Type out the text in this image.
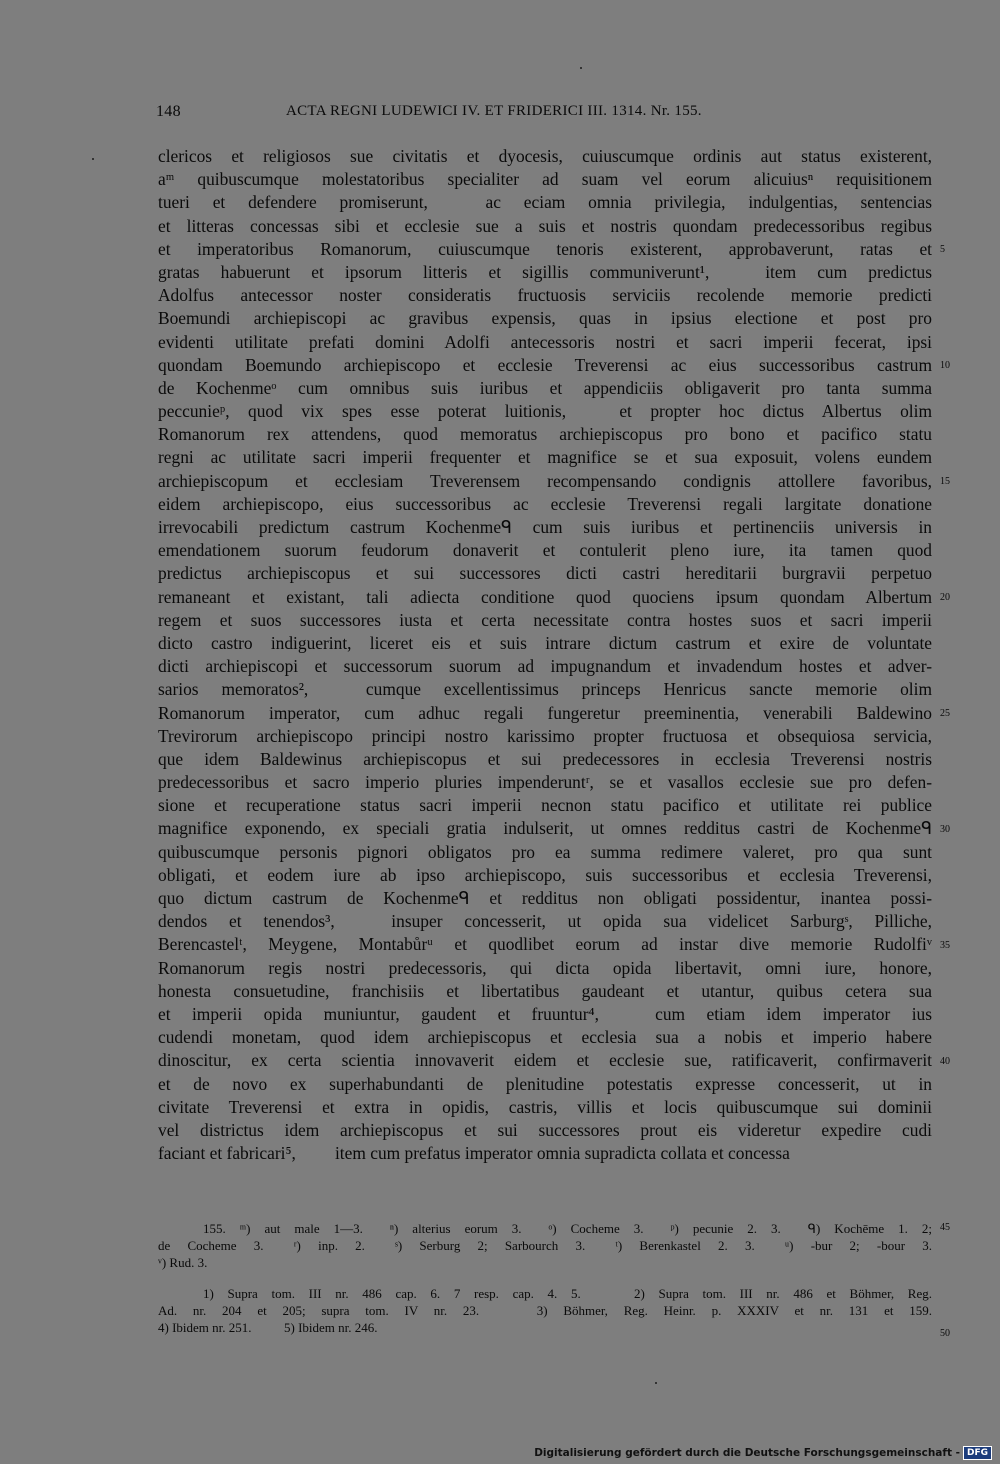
148	ACTA REGNI LUDEWICI IV. ET FRIDERICI III. 1314. Nr. 155.
clericos et religiosos sue civitatis et dyocesis, cuiuscumque ordinis aut status existerent,
aᵐ quibuscumque molestatoribus specialiter ad suam vel eorum alicuiusⁿ requisitionem
tueri et defendere promiserunt,   ac eciam omnia privilegia, indulgentias, sentencias
et litteras concessas sibi et ecclesie sue a suis et nostris quondam predecessoribus regibus
et imperatoribus Romanorum, cuiuscumque tenoris existerent, approbaverunt, ratas et
gratas habuerunt et ipsorum litteris et sigillis communiverunt¹,   item cum predictus
Adolfus antecessor noster consideratis fructuosis serviciis recolende memorie predicti
Boemundi archiepiscopi ac gravibus expensis, quas in ipsius electione et post pro
evidenti utilitate prefati domini Adolfi antecessoris nostri et sacri imperii fecerat, ipsi
quondam Boemundo archiepiscopo et ecclesie Treverensi ac eius successoribus castrum
de Kochenmeᵒ cum omnibus suis iuribus et appendiciis obligaverit pro tanta summa
peccunieᵖ, quod vix spes esse poterat luitionis,   et propter hoc dictus Albertus olim
Romanorum rex attendens, quod memoratus archiepiscopus pro bono et pacifico statu
regni ac utilitate sacri imperii frequenter et magnifice se et sua exposuit, volens eundem
archiepiscopum et ecclesiam Treverensem recompensando condignis attollere favoribus,
eidem archiepiscopo, eius successoribus ac ecclesie Treverensi regali largitate donatione
irrevocabili predictum castrum Kochenmeᑫ cum suis iuribus et pertinenciis universis in
emendationem suorum feudorum donaverit et contulerit pleno iure, ita tamen quod
predictus archiepiscopus et sui successores dicti castri hereditarii burgravii perpetuo
remaneant et existant, tali adiecta conditione quod quociens ipsum quondam Albertum
regem et suos successores iusta et certa necessitate contra hostes suos et sacri imperii
dicto castro indiguerint, liceret eis et suis intrare dictum castrum et exire de voluntate
dicti archiepiscopi et successorum suorum ad impugnandum et invadendum hostes et adver-
sarios memoratos²,   cumque excellentissimus princeps Henricus sancte memorie olim
Romanorum imperator, cum adhuc regali fungeretur preeminentia, venerabili Baldewino
Trevirorum archiepiscopo principi nostro karissimo propter fructuosa et obsequiosa servicia,
que idem Baldewinus archiepiscopus et sui predecessores in ecclesia Treverensi nostris
predecessoribus et sacro imperio pluries impenderuntʳ, se et vasallos ecclesie sue pro defen-
sione et recuperatione status sacri imperii necnon statu pacifico et utilitate rei publice
magnifice exponendo, ex speciali gratia indulserit, ut omnes redditus castri de Kochenmeᑫ
quibuscumque personis pignori obligatos pro ea summa redimere valeret, pro qua sunt
obligati, et eodem iure ab ipso archiepiscopo, suis successoribus et ecclesia Treverensi,
quo dictum castrum de Kochenmeᑫ et redditus non obligati possidentur, inantea possi-
dendos et tenendos³,   insuper concesserit, ut opida sua videlicet Sarburgˢ, Pilliche,
Berencastelᵗ, Meygene, Montabůrᵘ et quodlibet eorum ad instar dive memorie Rudolfiᵛ
Romanorum regis nostri predecessoris, qui dicta opida libertavit, omni iure, honore,
honesta consuetudine, franchisiis et libertatibus gaudeant et utantur, quibus cetera sua
et imperii opida muniuntur, gaudent et fruuntur⁴,   cum etiam idem imperator ius
cudendi monetam, quod idem archiepiscopus et ecclesia sua a nobis et imperio habere
dinoscitur, ex certa scientia innovaverit eidem et ecclesie sue, ratificaverit, confirmaverit
et de novo ex superhabundanti de plenitudine potestatis expresse concesserit, ut in
civitate Treverensi et extra in opidis, castris, villis et locis quibuscumque sui dominii
vel districtus idem archiepiscopus et sui successores prout eis videretur expedire cudi
faciant et fabricari⁵,   item cum prefatus imperator omnia supradicta collata et concessa
5
10
15
20
25
30
35
40
155. ᵐ) aut male 1—3.  ⁿ) alterius eorum 3.  ᵒ) Cocheme 3.  ᵖ) pecunie 2. 3.  ᑫ) Kochēme 1. 2;
de Cocheme 3.  ʳ) inp. 2.  ˢ) Serburg 2; Sarbourch 3.  ᵗ) Berenkastel 2. 3.  ᵘ) -bur 2; -bour 3.
ᵛ) Rud. 3.
1) Supra tom. III nr. 486 cap. 6. 7 resp. cap. 4. 5.    2) Supra tom. III nr. 486 et Böhmer, Reg.
Ad. nr. 204 et 205; supra tom. IV nr. 23.    3) Böhmer, Reg. Heinr. p. XXXIV et nr. 131 et 159.
4) Ibidem nr. 251.    5) Ibidem nr. 246.
45
50
Digitalisierung gefördert durch die Deutsche Forschungsgemeinschaft - DFG
